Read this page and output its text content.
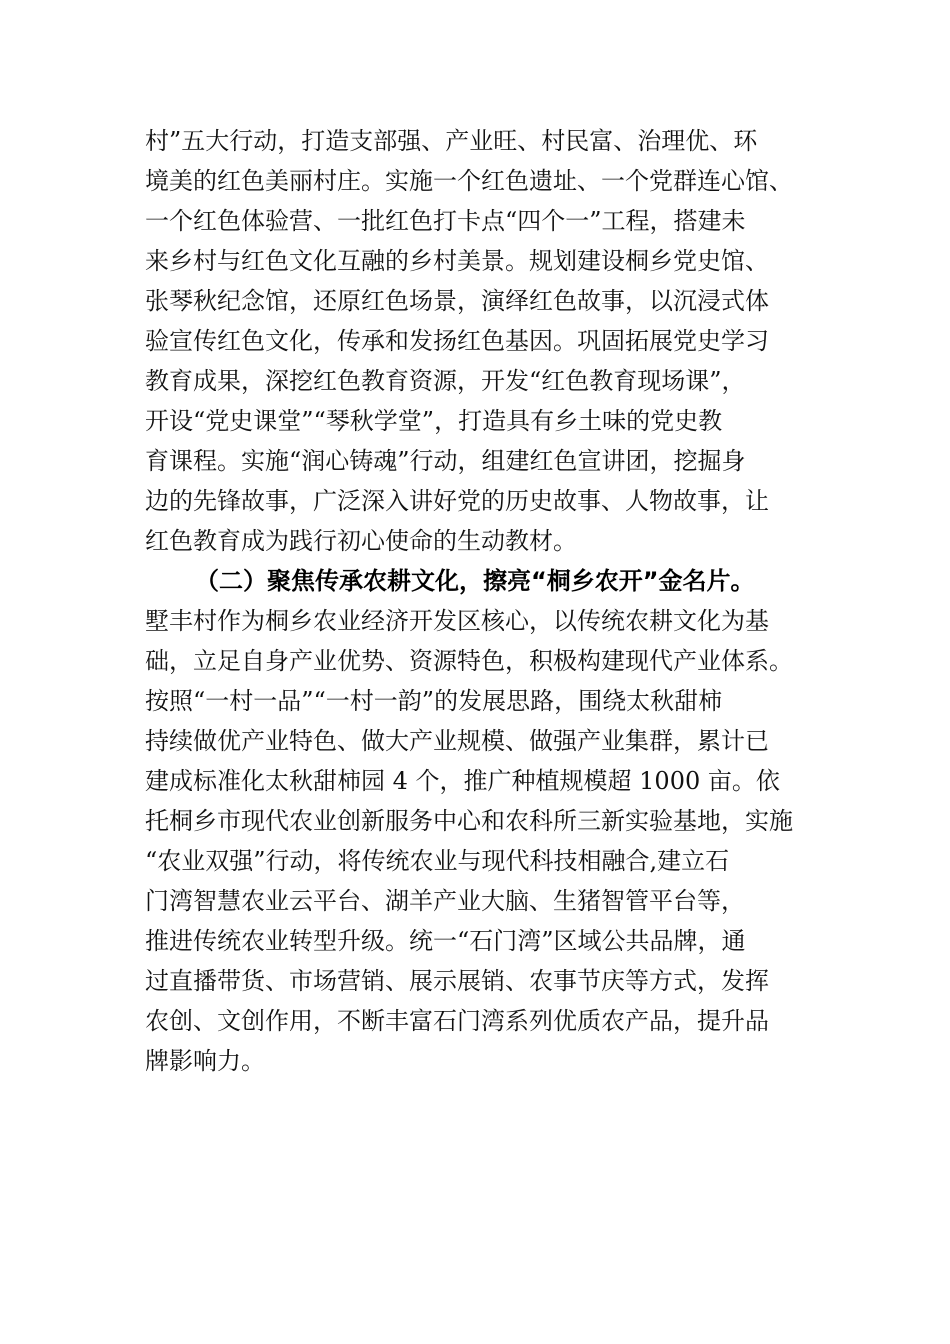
村”五大行动，打造支部强、产业旺、村民富、治理优、环
境美的红色美丽村庄。实施一个红色遗址、一个党群连心馆、
一个红色体验营、一批红色打卡点“四个一”工程，搭建未
来乡村与红色文化互融的乡村美景。规划建设桐乡党史馆、
张琴秋纪念馆，还原红色场景，演绎红色故事，以沉浸式体
验宣传红色文化，传承和发扬红色基因。巩固拓展党史学习
教育成果，深挖红色教育资源，开发“红色教育现场课”，
开设“党史课堂”“琴秋学堂”，打造具有乡土味的党史教
育课程。实施“润心铸魂”行动，组建红色宣讲团，挖掘身
边的先锋故事，广泛深入讲好党的历史故事、人物故事，让
红色教育成为践行初心使命的生动教材。
（二）聚焦传承农耕文化，擦亮“桐乡农开”金名片。
墅丰村作为桐乡农业经济开发区核心，以传统农耕文化为基
础，立足自身产业优势、资源特色，积极构建现代产业体系。
按照“一村一品”“一村一韵”的发展思路，围绕太秋甜柿
持续做优产业特色、做大产业规模、做强产业集群，累计已
建成标准化太秋甜柿园 4 个，推广种植规模超 1000 亩。依
托桐乡市现代农业创新服务中心和农科所三新实验基地，实施
“农业双强”行动，将传统农业与现代科技相融合,建立石
门湾智慧农业云平台、湖羊产业大脑、生猪智管平台等，
推进传统农业转型升级。统一“石门湾”区域公共品牌，通
过直播带货、市场营销、展示展销、农事节庆等方式，发挥
农创、文创作用，不断丰富石门湾系列优质农产品，提升品
牌影响力。
